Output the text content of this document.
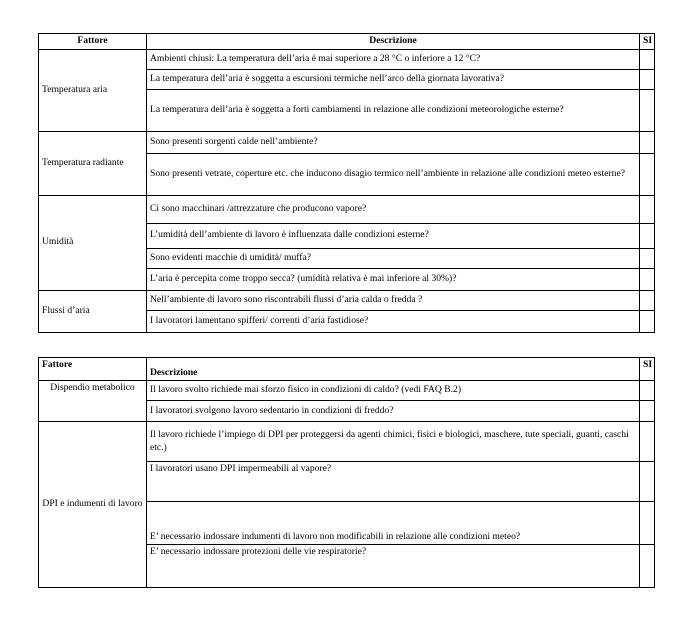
Fattore	Descrizione	SI
Temperatura aria	Ambienti chiusi: La temperatura dell’aria è mai superiore a 28 °C o inferiore a 12 °C?	
	La temperatura dell’aria è soggetta a escursioni termiche nell’arco della giornata lavorativa?	
	La temperatura dell’aria è soggetta a forti cambiamenti in relazione alle condizioni meteorologiche esterne?	
Temperatura radiante	Sono presenti sorgenti calde nell’ambiente?	
	Sono presenti vetrate, coperture etc. che inducono disagio termico nell’ambiente in relazione alle condizioni meteo esterne?	
Umidità	Ci sono macchinari /attrezzature che producono vapore?	
	L’umidità dell’ambiente di lavoro è influenzata dalle condizioni esterne?	
	Sono evidenti macchie di umidità/ muffa?	
	L’aria è percepita come troppo secca? (umidità relativa è mai inferiore al 30%)?	
Flussi d’aria	Nell’ambiente di lavoro sono riscontrabili flussi d’aria calda o fredda ?	
	I lavoratori lamentano spifferi/ correnti d’aria fastidiose?	
Fattore	Descrizione	SI
Dispendio metabolico	Il lavoro svolto richiede mai sforzo fisico in condizioni di caldo? (vedi FAQ B.2)	
	I lavoratori svolgono lavoro sedentario in condizioni di freddo?	
DPI e indumenti di lavoro	Il lavoro richiede l’impiego di DPI per proteggersi da agenti chimici, fisici e biologici, maschere, tute speciali, guanti, caschi etc.)	
	I lavoratori usano DPI impermeabili al vapore?	
	E’ necessario indossare indumenti di lavoro non modificabili in relazione alle condizioni meteo?	
	E’ necessario indossare protezioni delle vie respiratorie?	
